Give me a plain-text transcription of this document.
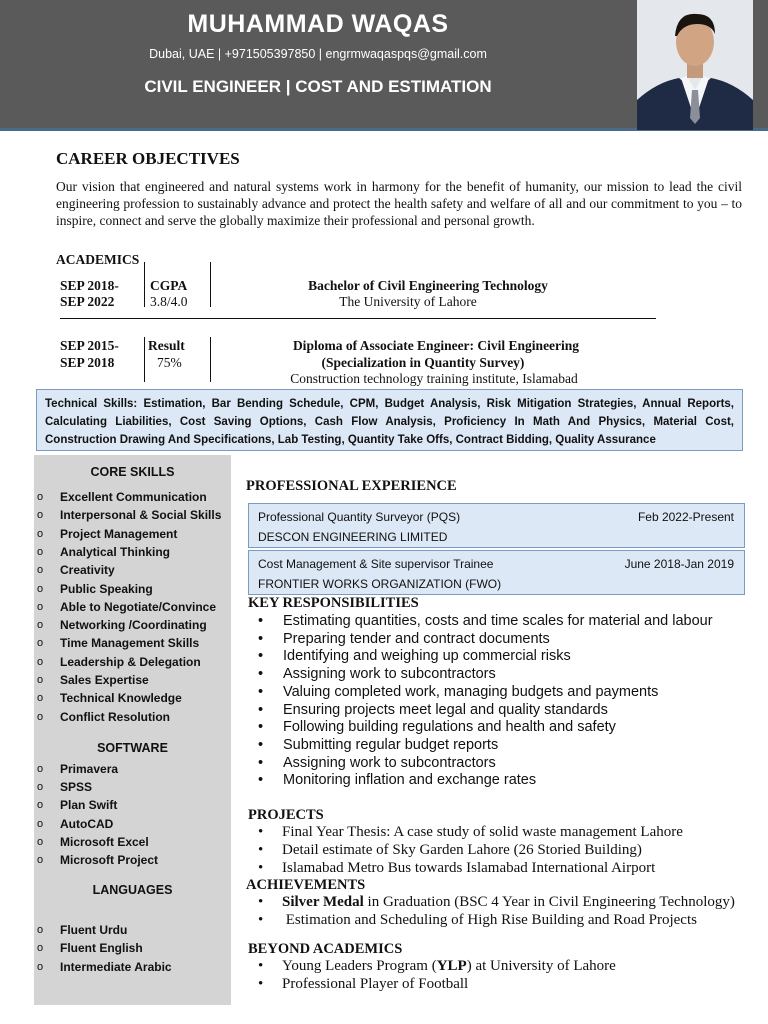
MUHAMMAD WAQAS
Dubai, UAE | +971505397850 | engrmwaqaspqs@gmail.com
CIVIL ENGINEER | COST AND ESTIMATION
CAREER OBJECTIVES
Our vision that engineered and natural systems work in harmony for the benefit of humanity, our mission to lead the civil engineering profession to sustainably advance and protect the health safety and welfare of all and our commitment to you – to inspire, connect and serve the globally maximize their professional and personal growth.
ACADEMICS
SEP 2018-
SEP 2022
CGPA
3.8/4.0
Bachelor of Civil Engineering Technology
The University of Lahore
SEP 2015-
SEP 2018
Result
75%
Diploma of Associate Engineer: Civil Engineering
(Specialization in Quantity Survey)
Construction technology training institute, Islamabad
Technical Skills: Estimation, Bar Bending Schedule, CPM, Budget Analysis, Risk Mitigation Strategies, Annual Reports, Calculating Liabilities, Cost Saving Options, Cash Flow Analysis, Proficiency In Math And Physics, Material Cost, Construction Drawing And Specifications, Lab Testing, Quantity Take Offs, Contract Bidding, Quality Assurance
CORE SKILLS
o Excellent Communication
o Interpersonal & Social Skills
o Project Management
o Analytical Thinking
o Creativity
o Public Speaking
o Able to Negotiate/Convince
o Networking /Coordinating
o Time Management Skills
o Leadership & Delegation
o Sales Expertise
o Technical Knowledge
o Conflict Resolution
SOFTWARE
o Primavera
o SPSS
o Plan Swift
o AutoCAD
o Microsoft Excel
o Microsoft Project
LANGUAGES
o Fluent Urdu
o Fluent English
o Intermediate Arabic
PROFESSIONAL EXPERIENCE
Professional Quantity Surveyor (PQS)	Feb 2022-Present
DESCON ENGINEERING LIMITED
Cost Management & Site supervisor Trainee	June 2018-Jan 2019
FRONTIER WORKS ORGANIZATION (FWO)
KEY RESPONSIBILITIES
• Estimating quantities, costs and time scales for material and labour
• Preparing tender and contract documents
• Identifying and weighing up commercial risks
• Assigning work to subcontractors
• Valuing completed work, managing budgets and payments
• Ensuring projects meet legal and quality standards
• Following building regulations and health and safety
• Submitting regular budget reports
• Assigning work to subcontractors
• Monitoring inflation and exchange rates
PROJECTS
• Final Year Thesis: A case study of solid waste management Lahore
• Detail estimate of Sky Garden Lahore (26 Storied Building)
• Islamabad Metro Bus towards Islamabad International Airport
ACHIEVEMENTS
• Silver Medal in Graduation (BSC 4 Year in Civil Engineering Technology)
• Estimation and Scheduling of High Rise Building and Road Projects
BEYOND ACADEMICS
• Young Leaders Program (YLP) at University of Lahore
• Professional Player of Football
